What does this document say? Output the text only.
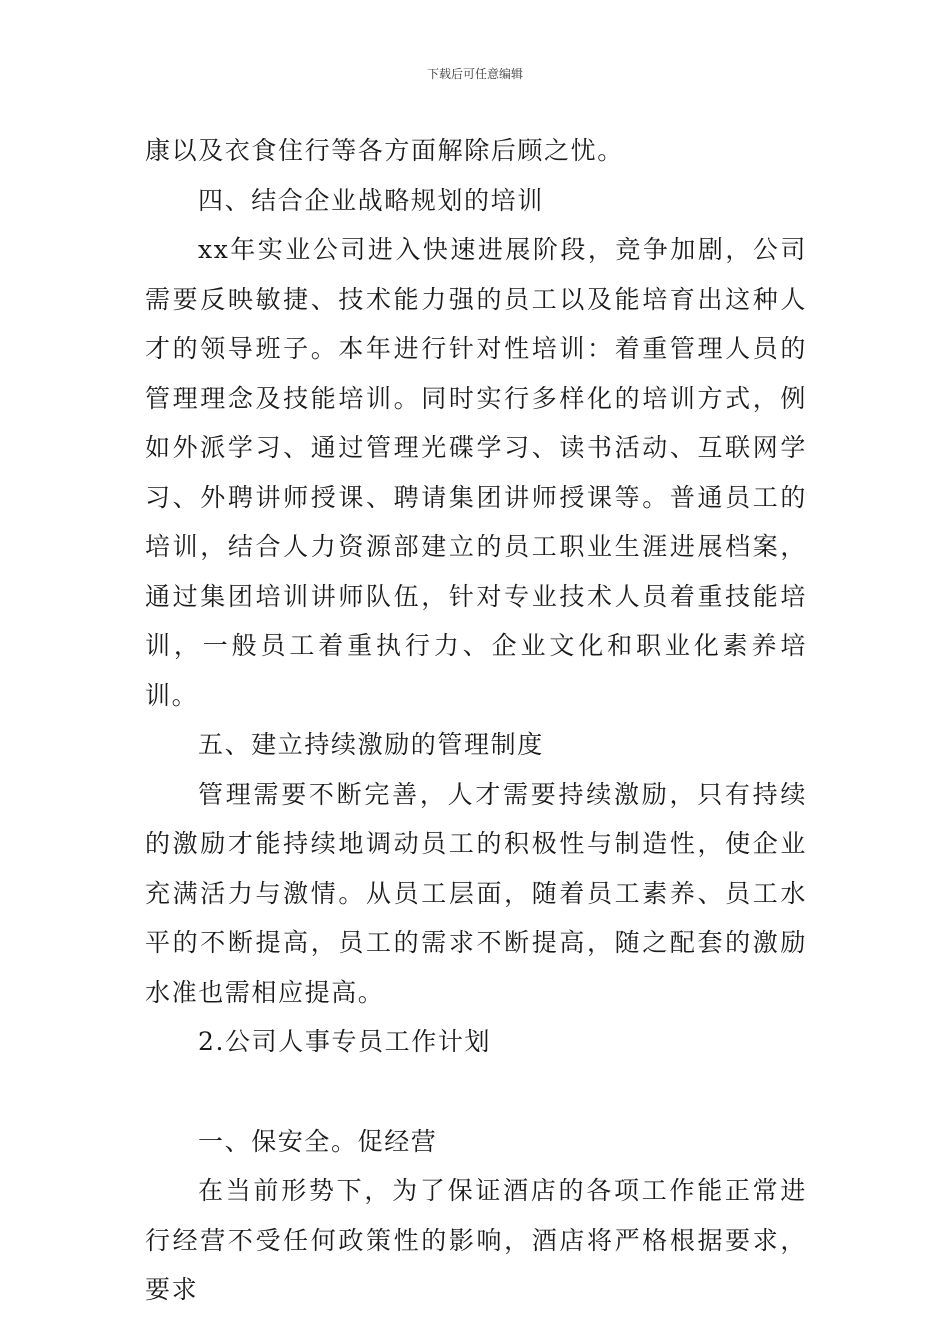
下载后可任意编辑

康以及衣食住行等各方面解除后顾之忧。

四、结合企业战略规划的培训

xx年实业公司进入快速进展阶段，竞争加剧，公司需要反映敏捷、技术能力强的员工以及能培育出这种人才的领导班子。本年进行针对性培训：着重管理人员的管理理念及技能培训。同时实行多样化的培训方式，例如外派学习、通过管理光碟学习、读书活动、互联网学习、外聘讲师授课、聘请集团讲师授课等。普通员工的培训，结合人力资源部建立的员工职业生涯进展档案，通过集团培训讲师队伍，针对专业技术人员着重技能培训，一般员工着重执行力、企业文化和职业化素养培训。

五、建立持续激励的管理制度

管理需要不断完善，人才需要持续激励，只有持续的激励才能持续地调动员工的积极性与制造性，使企业充满活力与激情。从员工层面，随着员工素养、员工水平的不断提高，员工的需求不断提高，随之配套的激励水准也需相应提高。

2.公司人事专员工作计划

一、保安全。促经营

在当前形势下，为了保证酒店的各项工作能正常进行经营不受任何政策性的影响，酒店将严格根据要求，要求
